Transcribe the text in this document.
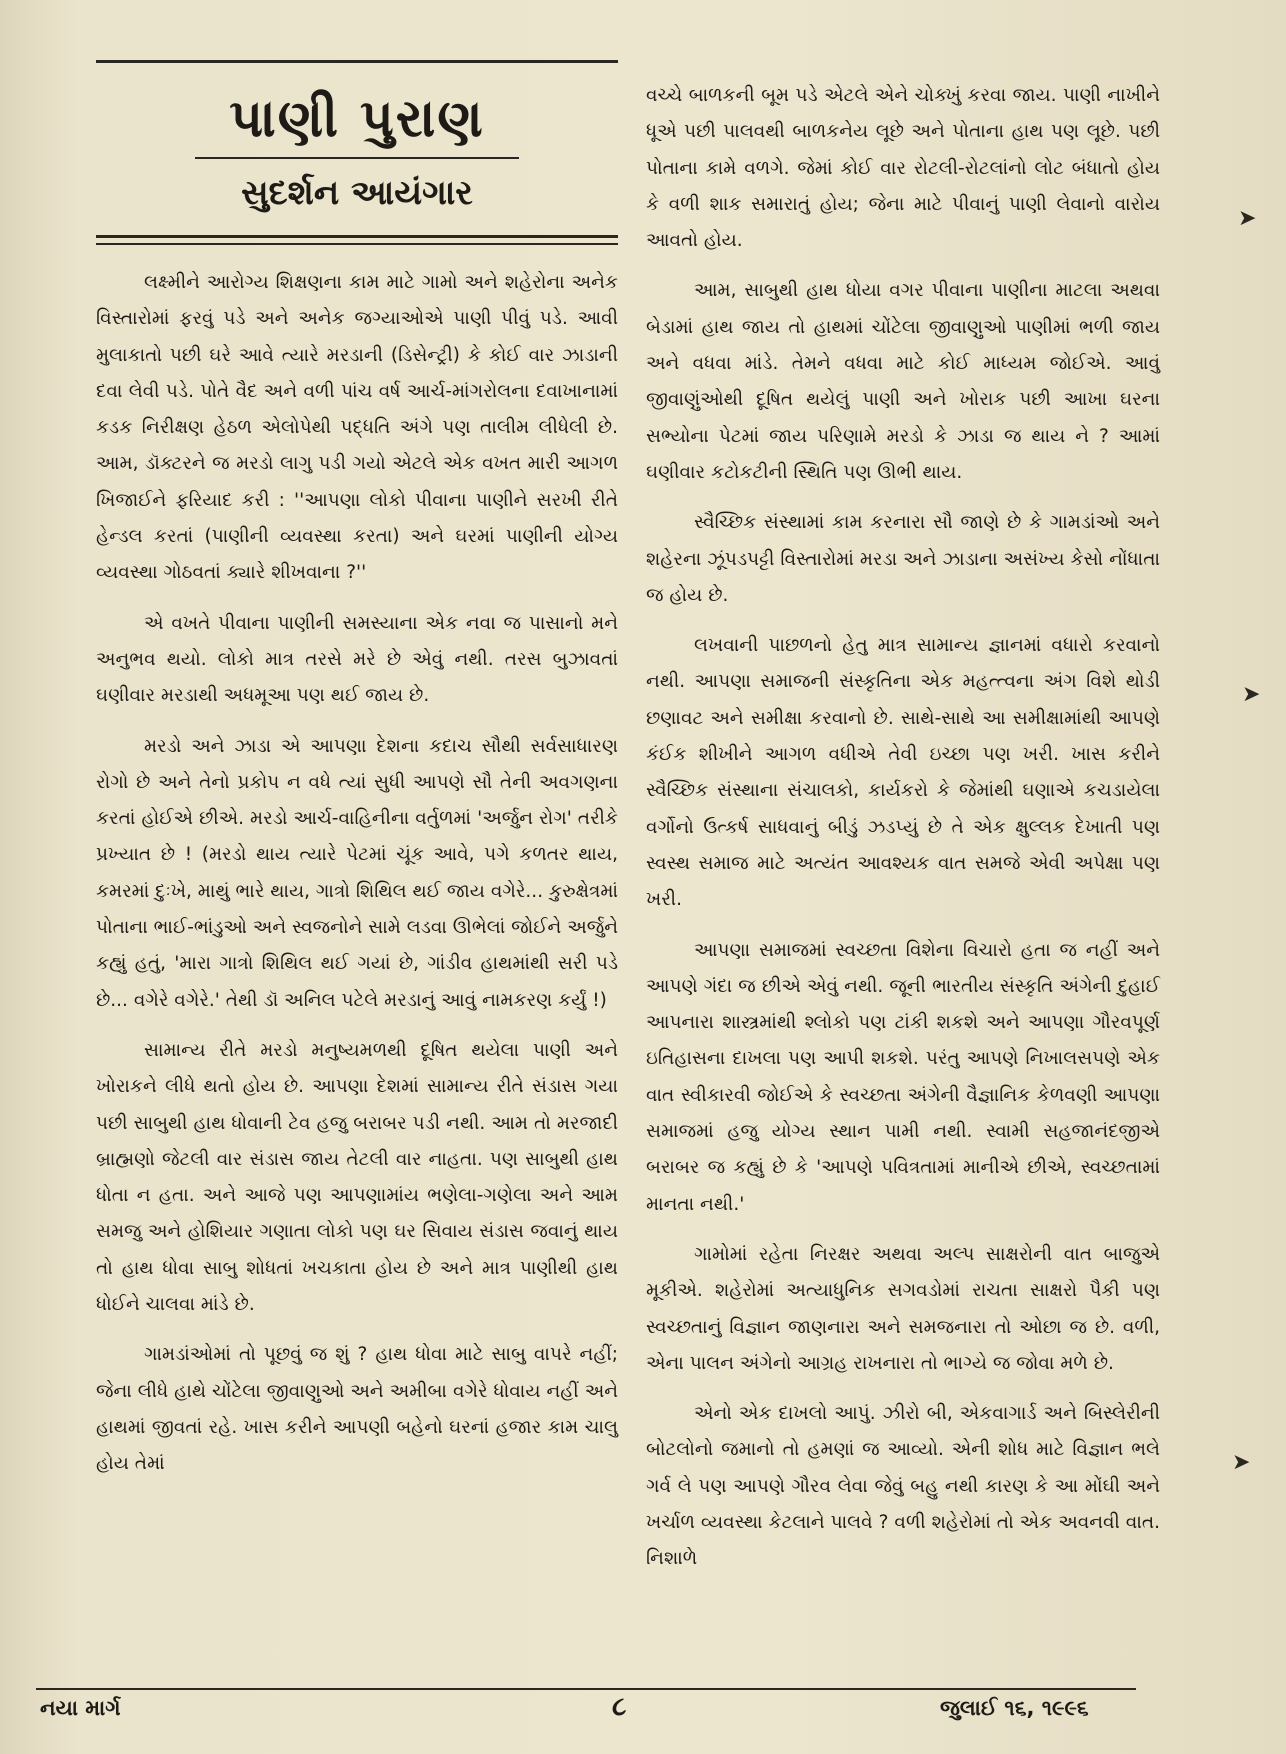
પાણી પુરાણ
સુદર્શન આયંગાર

લક્ષ્મીને આરોગ્ય શિક્ષણના કામ માટે ગામો અને શહેરોના અનેક વિસ્તારોમાં ફરવું પડે અને અનેક જગ્યાઓએ પાણી પીવું પડે. આવી મુલાકાતો પછી ઘરે આવે ત્યારે મરડાની (ડિસેન્ટ્રી) કે કોઈ વાર ઝાડાની દવા લેવી પડે. પોતે વૈદ અને વળી પાંચ વર્ષ આર્ચ-માંગરોલના દવાખાનામાં કડક નિરીક્ષણ હેઠળ એલોપેથી પદ્ધતિ અંગે પણ તાલીમ લીધેલી છે. આમ, ડૉક્ટરને જ મરડો લાગુ પડી ગયો એટલે એક વખત મારી આગળ ખિજાઈને ફરિયાદ કરી : ''આપણા લોકો પીવાના પાણીને સરખી રીતે હેન્ડલ કરતાં (પાણીની વ્યવસ્થા કરતા) અને ઘરમાં પાણીની યોગ્ય વ્યવસ્થા ગોઠવતાં ક્યારે શીખવાના ?''

એ વખતે પીવાના પાણીની સમસ્યાના એક નવા જ પાસાનો મને અનુભવ થયો. લોકો માત્ર તરસે મરે છે એવું નથી. તરસ બુઝાવતાં ઘણીવાર મરડાથી અધમૂઆ પણ થઈ જાય છે.

મરડો અને ઝાડા એ આપણા દેશના કદાચ સૌથી સર્વસાધારણ રોગો છે અને તેનો પ્રકોપ ન વધે ત્યાં સુધી આપણે સૌ તેની અવગણના કરતાં હોઈએ છીએ. મરડો આર્ચ-વાહિનીના વર્તુળમાં 'અર્જુન રોગ' તરીકે પ્રખ્યાત છે ! (મરડો થાય ત્યારે પેટમાં ચૂંક આવે, પગે કળતર થાય, કમરમાં દુઃખે, માથું ભારે થાય, ગાત્રો શિથિલ થઈ જાય વગેરે... કુરુક્ષેત્રમાં પોતાના ભાઈ-ભાંડુઓ અને સ્વજનોને સામે લડવા ઊભેલાં જોઈને અર્જુને કહ્યું હતું, 'મારા ગાત્રો શિથિલ થઈ ગયાં છે, ગાંડીવ હાથમાંથી સરી પડે છે... વગેરે વગેરે.' તેથી ડૉ અનિલ પટેલે મરડાનું આવું નામકરણ કર્યું !)

સામાન્ય રીતે મરડો મનુષ્યમળથી દૂષિત થયેલા પાણી અને ખોરાકને લીધે થતો હોય છે. આપણા દેશમાં સામાન્ય રીતે સંડાસ ગયા પછી સાબુથી હાથ ધોવાની ટેવ હજુ બરાબર પડી નથી. આમ તો મરજાદી બ્રાહ્મણો જેટલી વાર સંડાસ જાય તેટલી વાર નાહતા. પણ સાબુથી હાથ ધોતા ન હતા. અને આજે પણ આપણામાંય ભણેલા-ગણેલા અને આમ સમજુ અને હોશિયાર ગણાતા લોકો પણ ઘર સિવાય સંડાસ જવાનું થાય તો હાથ ધોવા સાબુ શોધતાં ખચકાતા હોય છે અને માત્ર પાણીથી હાથ ધોઈને ચાલવા માંડે છે.

ગામડાંઓમાં તો પૂછવું જ શું ? હાથ ધોવા માટે સાબુ વાપરે નહીં; જેના લીધે હાથે ચોંટેલા જીવાણુઓ અને અમીબા વગેરે ધોવાય નહીં અને હાથમાં જીવતાં રહે. ખાસ કરીને આપણી બહેનો ઘરનાં હજાર કામ ચાલુ હોય તેમાં

વચ્ચે બાળકની બૂમ પડે એટલે એને ચોક્ખું કરવા જાય. પાણી નાખીને ધૂએ પછી પાલવથી બાળકનેય લૂછે અને પોતાના હાથ પણ લૂછે. પછી પોતાના કામે વળગે. જેમાં કોઈ વાર રોટલી-રોટલાંનો લોટ બંધાતો હોય કે વળી શાક સમારાતું હોય; જેના માટે પીવાનું પાણી લેવાનો વારોય આવતો હોય.

આમ, સાબુથી હાથ ધોયા વગર પીવાના પાણીના માટલા અથવા બેડામાં હાથ જાય તો હાથમાં ચોંટેલા જીવાણુઓ પાણીમાં ભળી જાય અને વધવા માંડે. તેમને વધવા માટે કોઈ માધ્યમ જોઈએ. આવું જીવાણુંઓથી દૂષિત થયેલું પાણી અને ખોરાક પછી આખા ઘરના સભ્યોના પેટમાં જાય પરિણામે મરડો કે ઝાડા જ થાય ને ? આમાં ઘણીવાર કટોકટીની સ્થિતિ પણ ઊભી થાય.

સ્વૈચ્છિક સંસ્થામાં કામ કરનારા સૌ જાણે છે કે ગામડાંઓ અને શહેરના ઝૂંપડપટ્ટી વિસ્તારોમાં મરડા અને ઝાડાના અસંખ્ય કેસો નોંધાતા જ હોય છે.

લખવાની પાછળનો હેતુ માત્ર સામાન્ય જ્ઞાનમાં વધારો કરવાનો નથી. આપણા સમાજની સંસ્કૃતિના એક મહત્ત્વના અંગ વિશે થોડી છણાવટ અને સમીક્ષા કરવાનો છે. સાથે-સાથે આ સમીક્ષામાંથી આપણે કંઈક શીખીને આગળ વધીએ તેવી ઇચ્છા પણ ખરી. ખાસ કરીને સ્વૈચ્છિક સંસ્થાના સંચાલકો, કાર્યકરો કે જેમાંથી ઘણાએ કચડાયેલા વર્ગોનો ઉત્કર્ષ સાધવાનું બીડું ઝડપ્યું છે તે એક ક્ષુલ્લક દેખાતી પણ સ્વસ્થ સમાજ માટે અત્યંત આવશ્યક વાત સમજે એવી અપેક્ષા પણ ખરી.

આપણા સમાજમાં સ્વચ્છતા વિશેના વિચારો હતા જ નહીં અને આપણે ગંદા જ છીએ એવું નથી. જૂની ભારતીય સંસ્કૃતિ અંગેની દુહાઈ આપનારા શાસ્ત્રમાંથી શ્લોકો પણ ટાંકી શકશે અને આપણા ગૌરવપૂર્ણ ઇતિહાસના દાખલા પણ આપી શકશે. પરંતુ આપણે નિખાલસપણે એક વાત સ્વીકારવી જોઈએ કે સ્વચ્છતા અંગેની વૈજ્ઞાનિક કેળવણી આપણા સમાજમાં હજુ યોગ્ય સ્થાન પામી નથી. સ્વામી સહજાનંદજીએ બરાબર જ કહ્યું છે કે 'આપણે પવિત્રતામાં માનીએ છીએ, સ્વચ્છતામાં માનતા નથી.'

ગામોમાં રહેતા નિરક્ષર અથવા અલ્પ સાક્ષરોની વાત બાજુએ મૂકીએ. શહેરોમાં અત્યાધુનિક સગવડોમાં રાચતા સાક્ષરો પૈકી પણ સ્વચ્છતાનું વિજ્ઞાન જાણનારા અને સમજનારા તો ઓછા જ છે. વળી, એના પાલન અંગેનો આગ્રહ રાખનારા તો ભાગ્યે જ જોવા મળે છે.

એનો એક દાખલો આપું. ઝીરો બી, એકવાગાર્ડ અને બિસ્લેરીની બોટલોનો જમાનો તો હમણાં જ આવ્યો. એની શોધ માટે વિજ્ઞાન ભલે ગર્વ લે પણ આપણે ગૌરવ લેવા જેવું બહુ નથી કારણ કે આ મોંઘી અને ખર્ચાળ વ્યવસ્થા કેટલાને પાલવે ? વળી શહેરોમાં તો એક અવનવી વાત. નિશાળે

➤
➤
➤
નયા માર્ગ	૮	જુલાઈ ૧૬, ૧૯૯૬
